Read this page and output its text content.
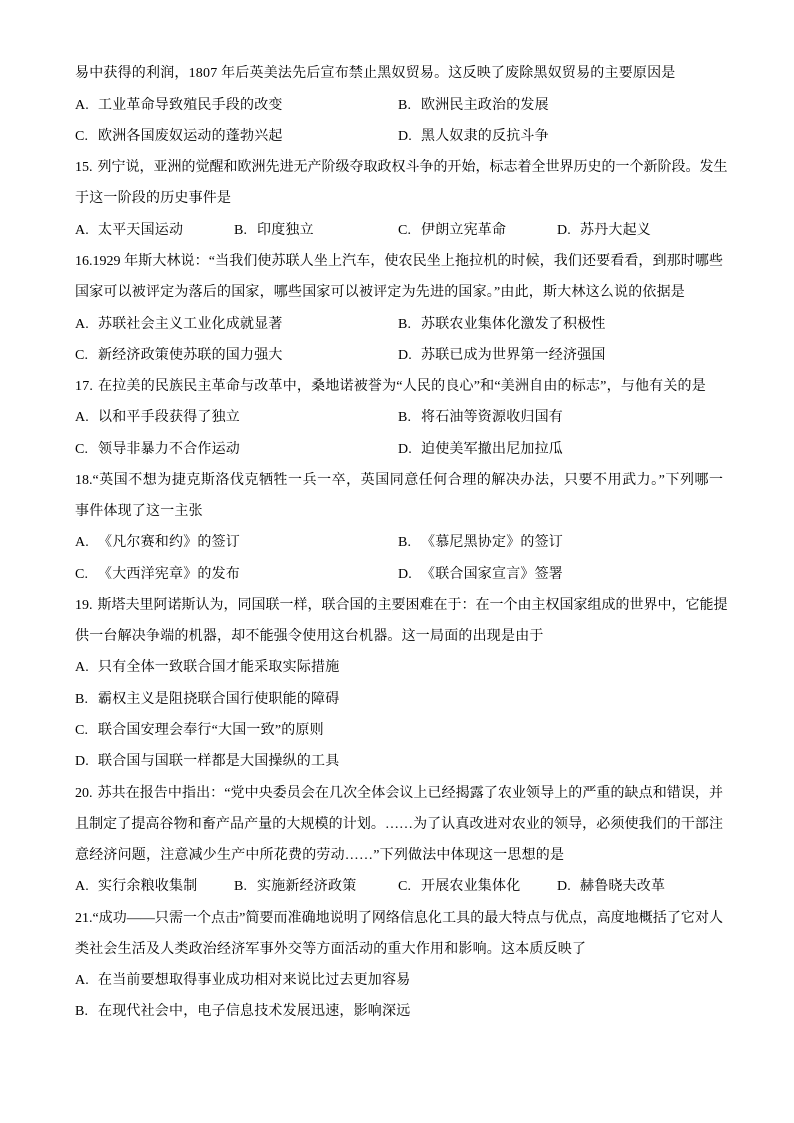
易中获得的利润，1807 年后英美法先后宣布禁止黑奴贸易。这反映了废除黑奴贸易的主要原因是
A. 工业革命导致殖民手段的改变	B. 欧洲民主政治的发展
C. 欧洲各国废奴运动的蓬勃兴起	D. 黑人奴隶的反抗斗争
15. 列宁说，亚洲的觉醒和欧洲先进无产阶级夺取政权斗争的开始，标志着全世界历史的一个新阶段。发生
于这一阶段的历史事件是
A. 太平天国运动	B. 印度独立	C. 伊朗立宪革命	D. 苏丹大起义
16.1929 年斯大林说：“当我们使苏联人坐上汽车，使农民坐上拖拉机的时候，我们还要看看，到那时哪些
国家可以被评定为落后的国家，哪些国家可以被评定为先进的国家。”由此，斯大林这么说的依据是
A. 苏联社会主义工业化成就显著	B. 苏联农业集体化激发了积极性
C. 新经济政策使苏联的国力强大	D. 苏联已成为世界第一经济强国
17. 在拉美的民族民主革命与改革中，桑地诺被誉为“人民的良心”和“美洲自由的标志”，与他有关的是
A. 以和平手段获得了独立	B. 将石油等资源收归国有
C. 领导非暴力不合作运动	D. 迫使美军撤出尼加拉瓜
18.“英国不想为捷克斯洛伐克牺牲一兵一卒，英国同意任何合理的解决办法，只要不用武力。”下列哪一
事件体现了这一主张
A. 《凡尔赛和约》的签订	B. 《慕尼黑协定》的签订
C. 《大西洋宪章》的发布	D. 《联合国家宣言》签署
19. 斯塔夫里阿诺斯认为，同国联一样，联合国的主要困难在于：在一个由主权国家组成的世界中，它能提
供一台解决争端的机器，却不能强令使用这台机器。这一局面的出现是由于
A. 只有全体一致联合国才能采取实际措施
B. 霸权主义是阻挠联合国行使职能的障碍
C. 联合国安理会奉行“大国一致”的原则
D. 联合国与国联一样都是大国操纵的工具
20. 苏共在报告中指出：“党中央委员会在几次全体会议上已经揭露了农业领导上的严重的缺点和错误，并
且制定了提高谷物和畜产品产量的大规模的计划。……为了认真改进对农业的领导，必须使我们的干部注
意经济问题，注意减少生产中所花费的劳动……”下列做法中体现这一思想的是
A. 实行余粮收集制	B. 实施新经济政策	C. 开展农业集体化	D. 赫鲁晓夫改革
21.“成功——只需一个点击”简要而准确地说明了网络信息化工具的最大特点与优点，高度地概括了它对人
类社会生活及人类政治经济军事外交等方面活动的重大作用和影响。这本质反映了
A. 在当前要想取得事业成功相对来说比过去更加容易
B. 在现代社会中，电子信息技术发展迅速，影响深远
